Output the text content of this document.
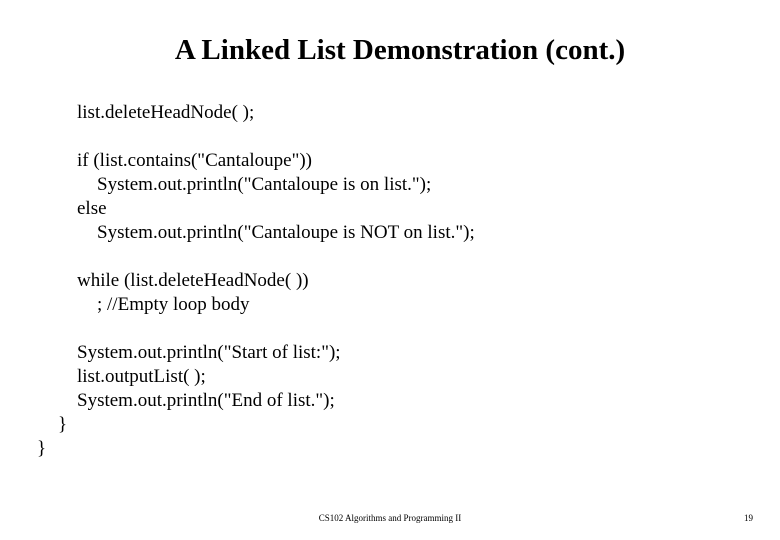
A Linked List Demonstration (cont.)
list.deleteHeadNode( );
if (list.contains("Cantaloupe"))
System.out.println("Cantaloupe is on list.");
else
System.out.println("Cantaloupe is NOT on list.");
while (list.deleteHeadNode( ))
; //Empty loop body
System.out.println("Start of list:");
list.outputList( );
System.out.println("End of list.");
}
}
CS102 Algorithms and Programming II	19
